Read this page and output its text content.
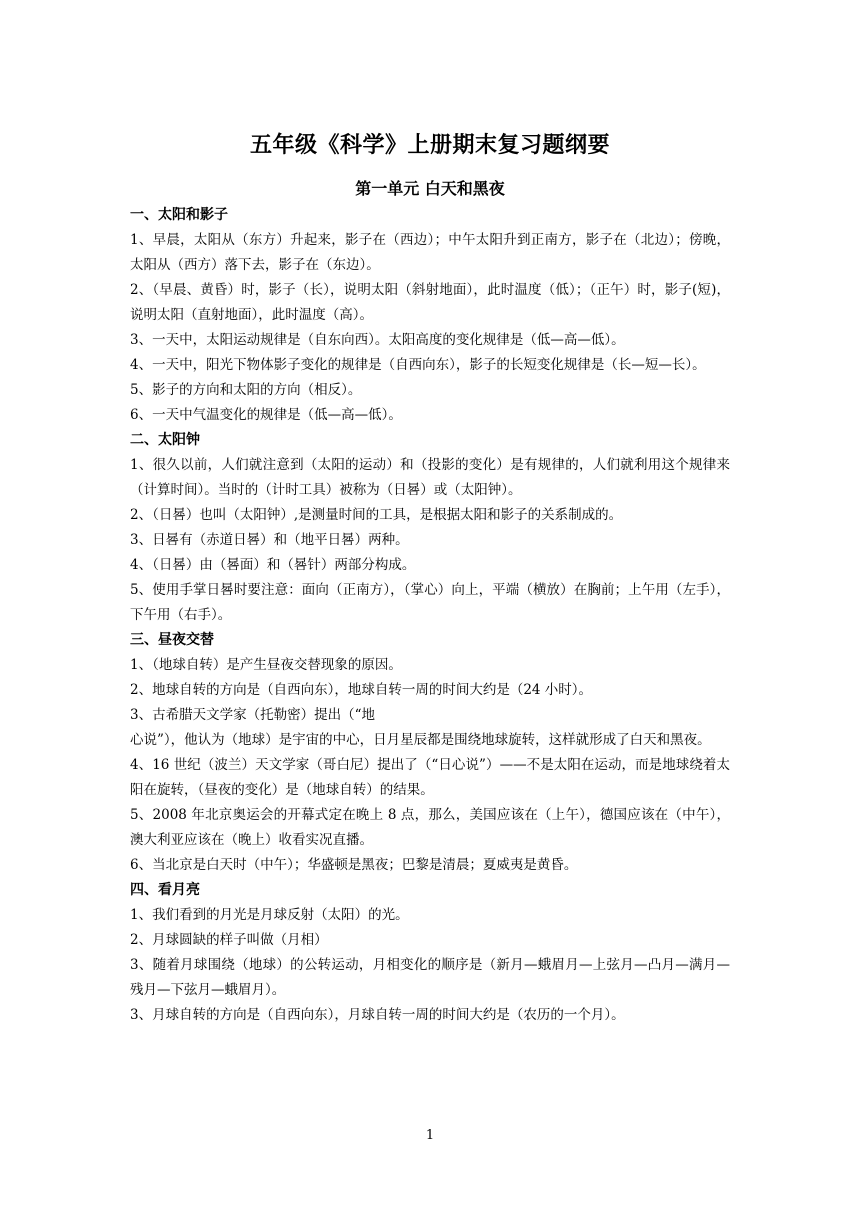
五年级《科学》上册期末复习题纲要
第一单元 白天和黑夜

一、太阳和影子

1、早晨，太阳从（东方）升起来，影子在（西边）；中午太阳升到正南方，影子在（北边）；傍晚，太阳从（西方）落下去，影子在（东边）。

2、（早晨、黄昏）时，影子（长），说明太阳（斜射地面），此时温度（低）；（正午）时，影子(短)，说明太阳（直射地面），此时温度（高）。

3、一天中，太阳运动规律是（自东向西）。太阳高度的变化规律是（低—高—低）。

4、一天中，阳光下物体影子变化的规律是（自西向东），影子的长短变化规律是（长—短—长）。

5、影子的方向和太阳的方向（相反）。

6、一天中气温变化的规律是（低—高—低）。

二、太阳钟

1、很久以前，人们就注意到（太阳的运动）和（投影的变化）是有规律的，人们就利用这个规律来（计算时间）。当时的（计时工具）被称为（日晷）或（太阳钟）。

2、（日晷）也叫（太阳钟）,是测量时间的工具，是根据太阳和影子的关系制成的。

3、日晷有（赤道日晷）和（地平日晷）两种。

4、（日晷）由（晷面）和（晷针）两部分构成。

5、使用手掌日晷时要注意：面向（正南方），（掌心）向上，平端（横放）在胸前；上午用（左手），下午用（右手）。

三、昼夜交替

1、（地球自转）是产生昼夜交替现象的原因。

2、地球自转的方向是（自西向东），地球自转一周的时间大约是（24 小时）。

3、古希腊天文学家（托勒密）提出（“地

心说”），他认为（地球）是宇宙的中心，日月星辰都是围绕地球旋转，这样就形成了白天和黑夜。

4、16 世纪（波兰）天文学家（哥白尼）提出了（“日心说”）——不是太阳在运动，而是地球绕着太阳在旋转，（昼夜的变化）是（地球自转）的结果。

5、2008 年北京奥运会的开幕式定在晚上 8 点，那么，美国应该在（上午），德国应该在（中午），澳大利亚应该在（晚上）收看实况直播。

6、当北京是白天时（中午）；华盛顿是黑夜；巴黎是清晨；夏威夷是黄昏。

四、看月亮

1、我们看到的月光是月球反射（太阳）的光。

2、月球圆缺的样子叫做（月相）

3、随着月球围绕（地球）的公转运动，月相变化的顺序是（新月—蛾眉月—上弦月—凸月—满月—残月—下弦月—蛾眉月）。

3、月球自转的方向是（自西向东），月球自转一周的时间大约是（农历的一个月）。

1
